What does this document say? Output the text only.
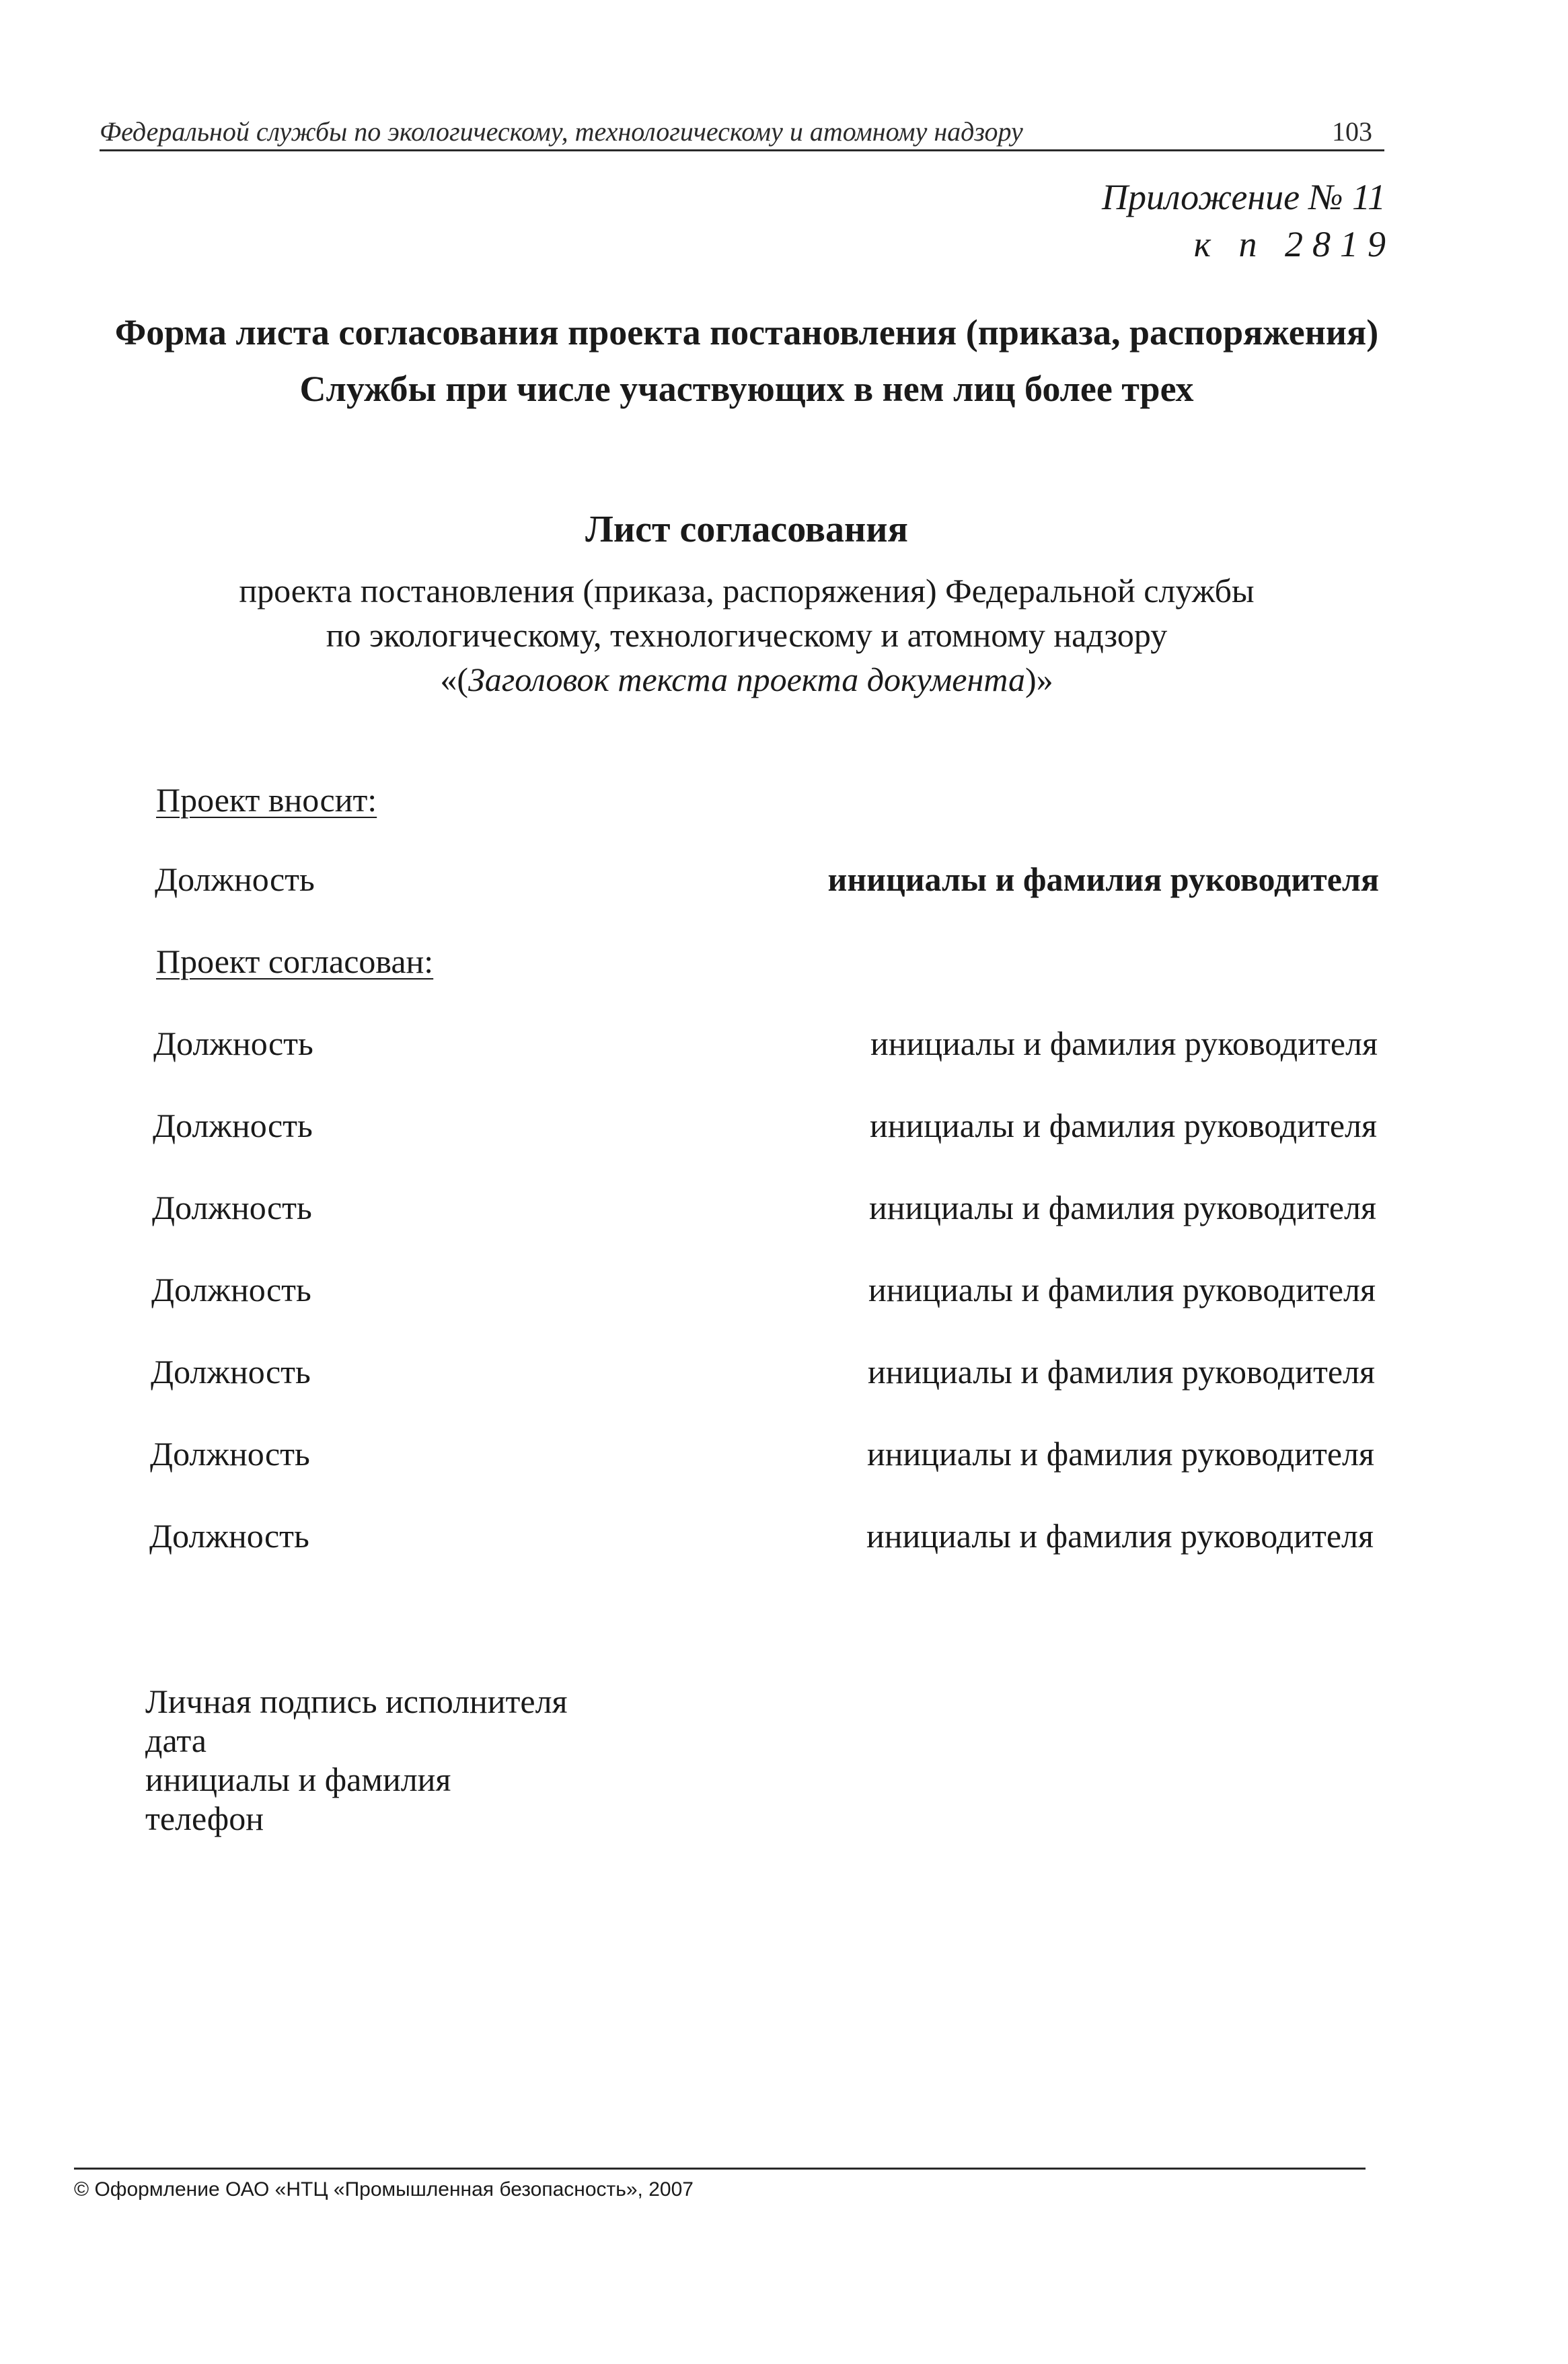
Федеральной службы по экологическому, технологическому и атомному надзору	103
Приложение № 11
к п 2819
Форма листа согласования проекта постановления (приказа, распоряжения)
Службы при числе участвующих в нем лиц более трех
Лист согласования
проекта постановления (приказа, распоряжения) Федеральной службы
по экологическому, технологическому и атомному надзору
«(Заголовок текста проекта документа)»
Проект вносит:
Должность	инициалы и фамилия руководителя
Проект согласован:
Должность	инициалы и фамилия руководителя
Должность	инициалы и фамилия руководителя
Должность	инициалы и фамилия руководителя
Должность	инициалы и фамилия руководителя
Должность	инициалы и фамилия руководителя
Должность	инициалы и фамилия руководителя
Должность	инициалы и фамилия руководителя
Личная подпись исполнителя
дата
инициалы и фамилия
телефон
© Оформление ОАО «НТЦ «Промышленная безопасность», 2007
